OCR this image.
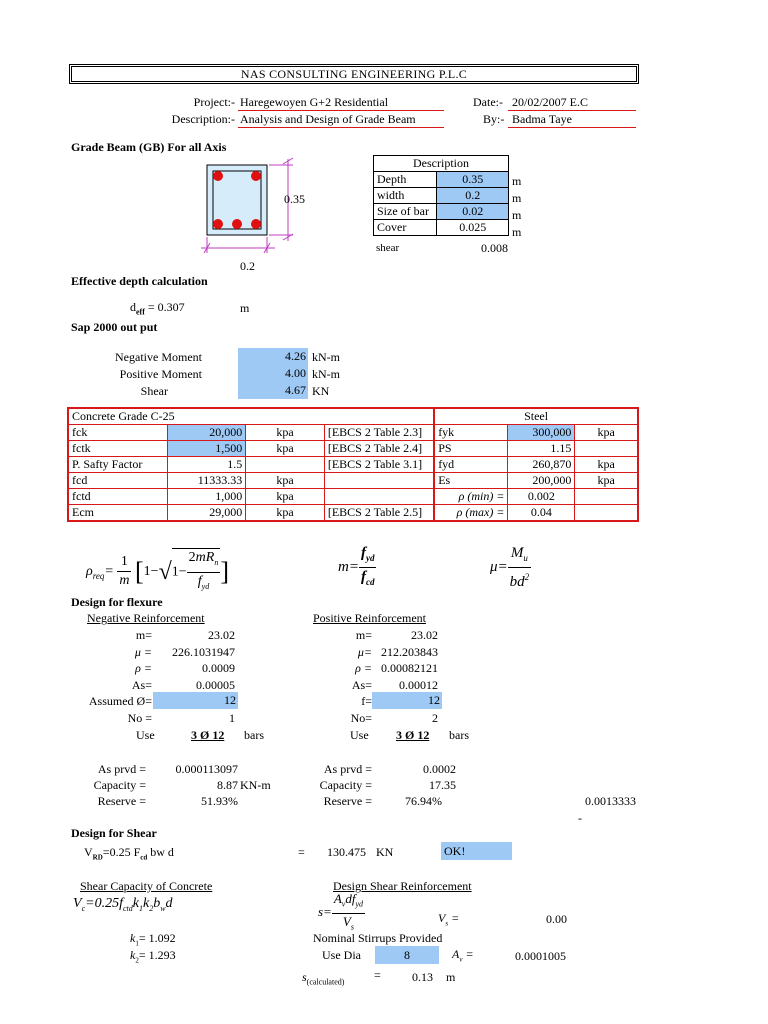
NAS CONSULTING ENGINEERING P.L.C
Project:- Haregewoyen G+2 Residential	Date:- 20/02/2007 E.C
Description:- Analysis and Design of Grade Beam	By:- Badma Taye
Grade Beam (GB) For all Axis
0.35
0.2
Description	
Depth	0.35
width	0.2
Size of bar	0.02
Cover	0.025
m
m
m
m
shear	0.008
Effective depth calculation
$d_{eff} = 0.307$	m
Sap 2000 out put
Negative Moment	4.26 kN-m
Positive Moment	4.00 kN-m
Shear	4.67 KN
Concrete Grade C-25				Steel		
fck	20,000	kpa	[EBCS 2 Table 2.3]	fyk	300,000	kpa
fctk	1,500	kpa	[EBCS 2 Table 2.4]	PS	1.15	
P. Safty Factor	1.5		[EBCS 2 Table 3.1]	fyd	260,870	kpa
fcd	11333.33	kpa		Es	200,000	kpa
fctd	1,000	kpa		ρ (min) =	0.002	
Ecm	29,000	kpa	[EBCS 2 Table 2.5]	ρ (max) =	0.04	
$\rho_{req}= \frac{1}{m} [1-√1- \frac{2mR_n}{f_{yd}}$ ]	$m= \frac{f_{yd}}{f_{cd}}$	$\mu= \frac{M_u}{bd^2}$
Design for flexure
Negative Reinforcement	Positive Reinforcement
m=	23.02
μ =	226.1031947
ρ =	0.0009
As=	0.00005
Assumed Ø=	12
No =	1
m=	23.02
μ= 212.203843
ρ = 0.00082121
As=	0.00012
f=	12
No=	2
Use	3 Ø 12 bars	Use 3 Ø 12 bars
As prvd =	0.000113097
Capacity =	8.87 KN-m
Reserve =	51.93%
As prvd =	0.0002
Capacity =	17.35
Reserve =	76.94%	0.0013333
-
Design for Shear
$V_{RD}=0.25$ $F_{cd}$ bw d	= 130.475 KN	OK!
Shear Capacity of Concrete	Design Shear Reinforcement
$V_c=0.25f_{ctd}k_1k_2b_wd$
$s= \frac{A_vdf_{yd}}{V_s}$	$V_s$ =	0.00
$k_1= 1.092$
$k_2= 1.293$
Nominal Stirrups Provided
Use Dia	8	$A_v$ =	0.0001005
$s_{(calculated)}$ =	0.13 m
